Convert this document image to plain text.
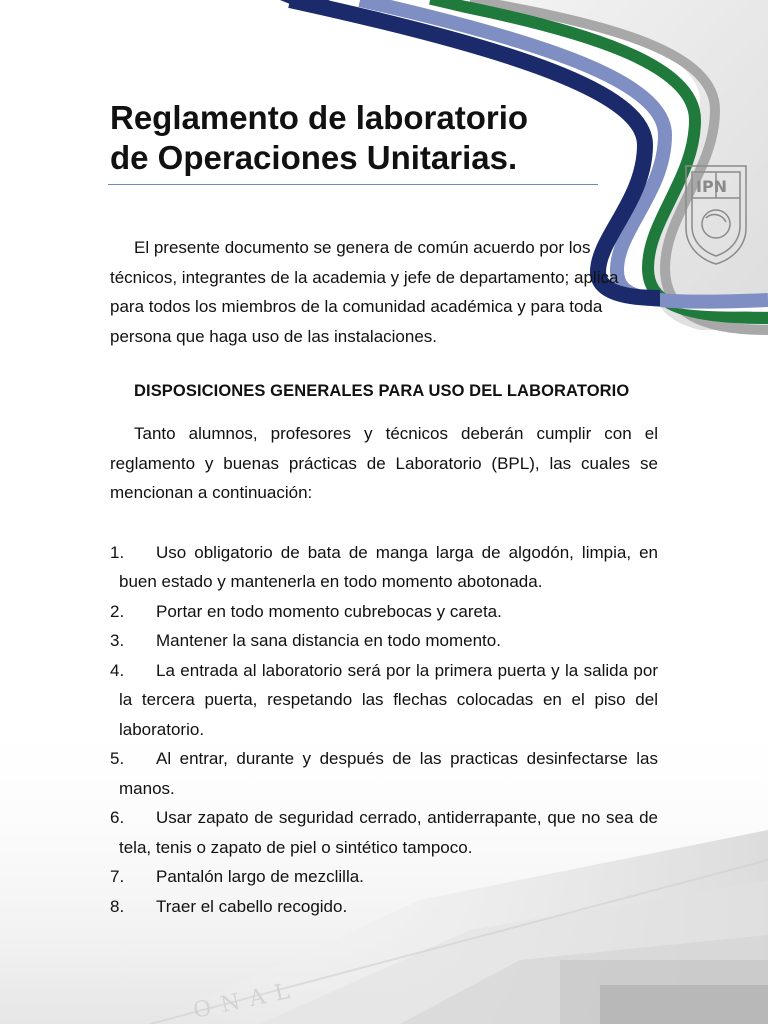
ONAL
IPN
Reglamento de laboratorio
de Operaciones Unitarias.

El presente documento se genera de común acuerdo por los técnicos, integrantes de la academia y jefe de departamento; aplica para todos los miembros de la comunidad académica y para toda persona que haga uso de las instalaciones.

DISPOSICIONES GENERALES PARA USO DEL LABORATORIO

Tanto alumnos, profesores y técnicos deberán cumplir con el reglamento y buenas prácticas de Laboratorio (BPL), las cuales se mencionan a continuación:

1.	Uso obligatorio de bata de manga larga de algodón, limpia, en buen estado y mantenerla en todo momento abotonada.
2.	Portar en todo momento cubrebocas y careta.
3.	Mantener la sana distancia en todo momento.
4.	La entrada al laboratorio será por la primera puerta y la salida por la tercera puerta, respetando las flechas colocadas en el piso del laboratorio.
5.	Al entrar, durante y después de las practicas desinfectarse las manos.
6.	Usar zapato de seguridad cerrado, antiderrapante, que no sea de tela, tenis o zapato de piel o sintético tampoco.
7.	Pantalón largo de mezclilla.
8.	Traer el cabello recogido.
